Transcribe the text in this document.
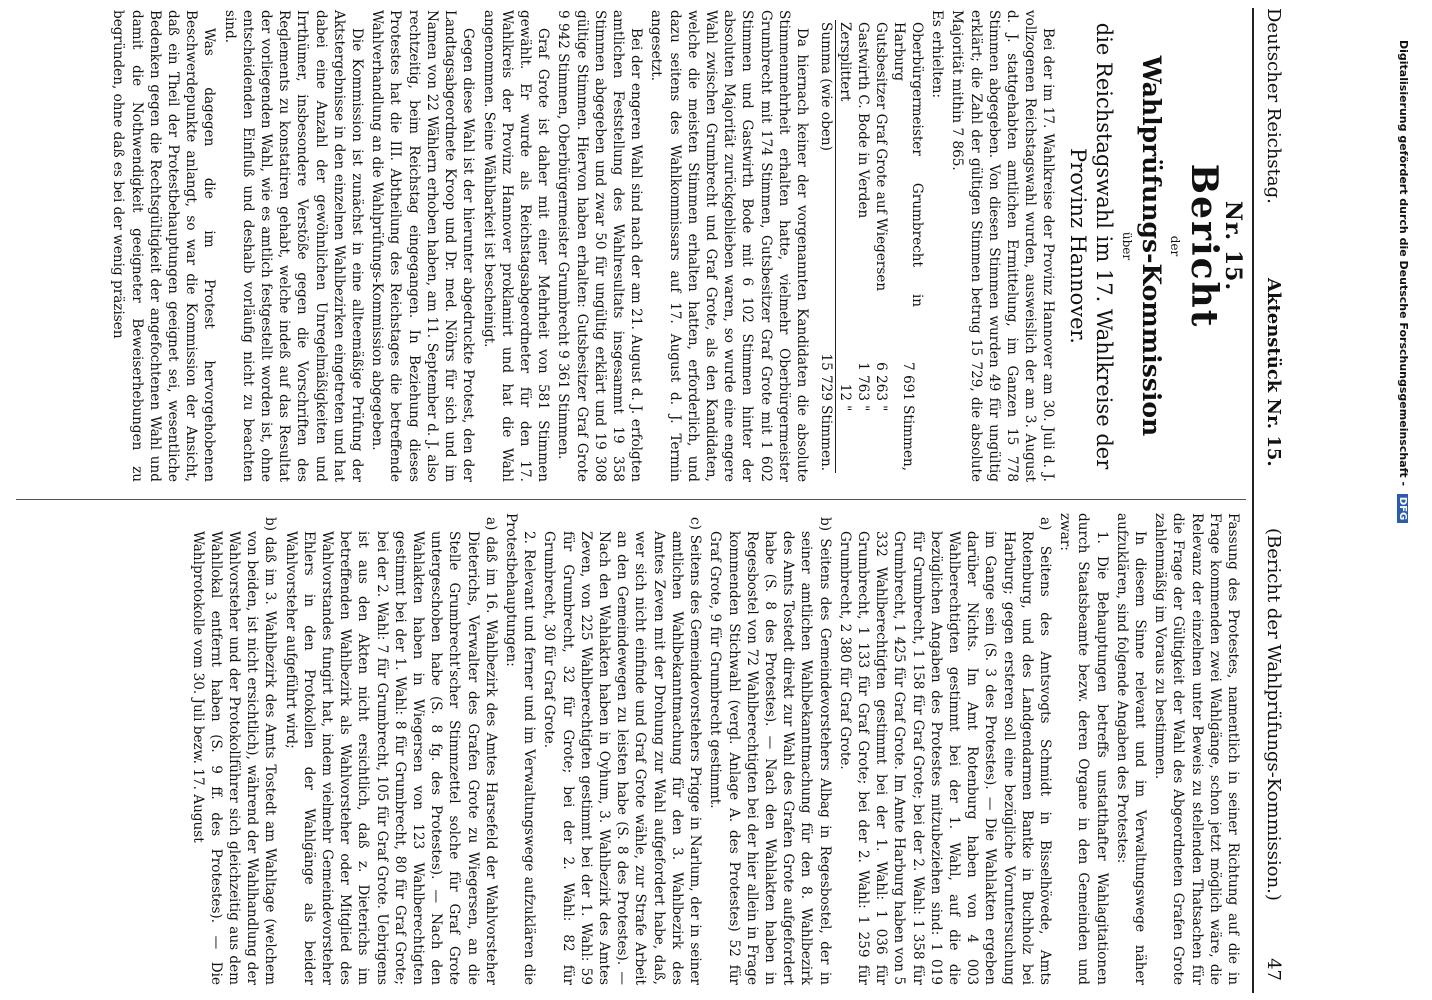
Deutscher Reichstag.
Aktenstück Nr. 15.
(Bericht der Wahlprüfungs-Kommission.)
47
Nr. 15.
Bericht
der
Wahlprüfungs-Kommission
über
die Reichstagswahl im 17. Wahlkreise der
Provinz Hannover.

Bei der im 17. Wahlkreise der Provinz Hannover am 30. Juli d. J. vollzogenen Reichstagswahl wurden, ausweislich der am 3. August d. J. stattgehabten amtlichen Ermittelung, im Ganzen 15 778 Stimmen abgegeben. Von diesen Stimmen wurden 49 für ungültig erklärt; die Zahl der gültigen Stimmen betrug 15 729, die absolute Majorität mithin 7 865.

Es erhielten:

Oberbürgermeister Grumbrecht in Harburg	7 691	Stimmen,
Gutsbesitzer Graf Grote auf Wiegersen	6 263	"
Gastwirth C. Bode in Verden	1 763	"
Zersplittert	12	"
Summa (wie oben)	15 729	Stimmen.

Da hiernach keiner der vorgenannten Kandidaten die absolute Stimmenmehrheit erhalten hatte, vielmehr Oberbürgermeister Grumbrecht mit 174 Stimmen, Gutsbesitzer Graf Grote mit 1 602 Stimmen und Gastwirth Bode mit 6 102 Stimmen hinter der absoluten Majorität zurückgeblieben waren, so wurde eine engere Wahl zwischen Grumbrecht und Graf Grote, als den Kandidaten, welche die meisten Stimmen erhalten hatten, erforderlich, und dazu seitens des Wahlkommissars auf 17. August d. J. Termin angesetzt.

Bei der engeren Wahl sind nach der am 21. August d. J. erfolgten amtlichen Feststellung des Wahlresultats insgesammt 19 358 Stimmen abgegeben und zwar 50 für ungültig erklärt und 19 308 gültige Stimmen. Hiervon haben erhalten: Gutsbesitzer Graf Grote 9 942 Stimmen, Oberbürgermeister Grumbrecht 9 361 Stimmen.

Graf Grote ist daher mit einer Mehrheit von 581 Stimmen gewählt. Er wurde als Reichstagsabgeordneter für den 17. Wahlkreis der Provinz Hannover proklamirt und hat die Wahl angenommen. Seine Wählbarkeit ist bescheinigt.

Gegen diese Wahl ist der hierunter abgedruckte Protest, den der Landtagsabgeordnete Kroop und Dr. med. Nöhrs für sich und im Namen von 22 Wählern erhoben haben, am 11. September d. J. also rechtzeitig, beim Reichstag eingegangen. In Beziehung dieses Protestes hat die III. Abtheilung des Reichstages die betreffende Wahlverhandlung an die Wahlprüfungs-Kommission abgegeben.

Die Kommission ist zunächst in eine allteemäßige Prüfung der Aktstergebnisse in den einzelnen Wahlbezirken eingetreten und hat dabei eine Anzahl der gewöhnlichen Unregelmäßigkeiten und Irrthümer, insbesondere Verstöße gegen die Vorschriften des Reglements zu konstatiren gehabt, welche indeß auf das Resultat der vorliegenden Wahl, wie es amtlich festgestellt worden ist, ohne entscheidenden Einfluß und deshalb vorläufig nicht zu beachten sind.

Was dagegen die im Protest hervorgehobenen Beschwerdepunkte anlangt, so war die Kommission der Ansicht, daß ein Theil der Protestbehauptungen geeignet sei, wesentliche Bedenken gegen die Rechtsgültigkeit der angefochtenen Wahl und damit die Nothwendigkeit geeigneter Beweiserhebungen zu begründen, ohne daß es bei der wenig präzisen

Fassung des Protestes, namentlich in seiner Richtung auf die in Frage kommenden zwei Wahlgänge, schon jetzt möglich wäre, die Relevanz der einzelnen unter Beweis zu stellenden Thatsachen für die Frage der Gültigkeit der Wahl des Abgeordneten Grafen Grote zahlenmäßig im Voraus zu bestimmen.

In diesem Sinne relevant und im Verwaltungswege näher aufzuklären, sind folgende Angaben des Protestes:

1. Die Behauptungen betreffs unstatthafter Wahlagitationen durch Staatsbeamte bezw. deren Organe in den Gemeinden und zwar:

a) Seitens des Amtsvogts Schmidt in Bisselhövede, Amts Rotenburg, und des Landgendarmen Bantke in Buchholz bei Harburg; gegen ersteren soll eine bezügliche Voruntersuchung im Gange sein (S. 3 des Protestes). — Die Wahlakten ergeben darüber Nichts. Im Amt Rotenburg haben von 4 003 Wahlberechtigten gestimmt bei der 1. Wahl, auf die die bezüglichen Angaben des Protestes mitzubeziehen sind: 1 019 für Grumbrecht, 1 158 für Graf Grote; bei der 2. Wahl: 1 358 für Grumbrecht, 1 425 für Graf Grote. Im Amte Harburg haben von 5 332 Wahlberechtigten gestimmt bei der 1. Wahl: 1 036 für Grumbrecht, 1 133 für Graf Grote; bei der 2. Wahl: 1 259 für Grumbrecht, 2 380 für Graf Grote.

b) Seitens des Gemeindevorstehers Albag in Regesbostel, der in seiner amtlichen Wahlbekanntmachung für den 8. Wahlbezirk des Amts Tostedt direkt zur Wahl des Grafen Grote aufgefordert habe (S. 8 des Protestes). — Nach den Wahlakten haben in Regesbostel von 72 Wahlberechtigten bei der hier allein in Frage kommenden Stichwahl (vergl. Anlage A. des Protestes) 52 für Graf Grote, 9 für Grumbrecht gestimmt.

c) Seitens des Gemeindevorstehers Prigge in Narlum, der in seiner amtlichen Wahlbekanntmachung für den 3. Wahlbezirk des Amtes Zeven mit der Drohung zur Wahl aufgefordert habe, daß, wer sich nicht einfinde und Graf Grote wähle, zur Strafe Arbeit an den Gemeindewegen zu leisten habe (S. 8 des Protestes). — Nach den Wahlakten haben in Oyhum, 3. Wahlbezirk des Amtes Zeven, von 225 Wahlberechtigten gestimmt bei der 1. Wahl: 59 für Grumbrecht, 32 für Grote; bei der 2. Wahl: 82 für Grumbrecht, 30 für Graf Grote.

2. Relevant und ferner und im Verwaltungswege aufzuklären die Protestbehauptungen:

a) daß im 16. Wahlbezirk des Amtes Harsefeld der Wahlvorsteher Dieterichs, Verwalter des Grafen Grote zu Wiegersen, an die Stelle Grumbrecht'scher Stimmzettel solche für Graf Grote untergeschoben habe (S. 8 fg. des Protestes). — Nach den Wahlakten haben in Wiegersen von 123 Wahlberechtigten gestimmt bei der 1. Wahl: 8 für Grumbrecht, 80 für Graf Grote; bei der 2. Wahl: 7 für Grumbrecht, 105 für Graf Grote. Uebrigens ist aus den Akten nicht ersichtlich, daß z. Dieterichs im betreffenden Wahlbezirk als Wahlvorsteher oder Mitglied des Wahlvorstandes fungirt hat, indem vielmehr Gemeindevorsteher Ehlers in den Protokollen der Wahlgänge als beider Wahlvorsteher aufgeführt wird;

b) daß im 3. Wahlbezirk des Amts Tostedt am Wahltage (welchem von beiden, ist nicht ersichtlich), während der Wahlhandlung der Wahlvorsteher und der Protokollführer sich gleichzeitig aus dem Wahllokal entfernt haben (S. 9 ff. des Protestes). — Die Wahlprotokolle vom 30. Juli bezw. 17. August

Digitalisierung gefördert durch die Deutsche Forschungsgemeinschaft - DFG
